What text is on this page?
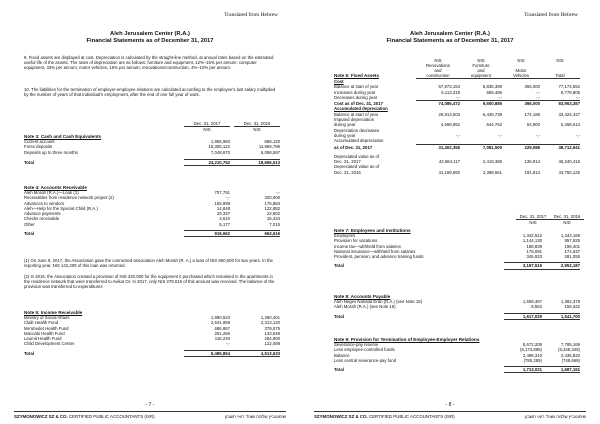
Translated from Hebrew
Aleh Jerusalem Center (R.A.)
Financial Statements as of December 31, 2017
9. Fixed assets are displayed at cost. Depreciation is calculated by the straight-line method, at annual rates based on the estimated useful life of the assets. The rates of depreciation are as follows: furniture and equipment, 12%–15% per annum; computer equipment, 33% per annum; motor vehicles, 15% per annum; renovations/construction, 4%–10% per annum.
10. The liabilities for the termination of employer-employee relations are calculated according to the employee's last salary multiplied by the number of years of that individual's employment, after the end of one full year of work.
Dec. 31, 2017
NIS
Dec. 31, 2016
NIS
Note 3: Cash and Cash Equivalents
Current account	1,856,960	688,120
Forex deposits	15,305,122	11,869,796
Deposits up to three months	7,048,670	6,098,597
Total	24,210,752	18,656,513
Note 4: Accounts Receivable
Aleh Morah (R.A.)—Loan (1)	707,791	-,-
Receivables from residence network project (2)	-,-	320,000
Advances to vendors	155,899	175,883
Aleh—Help for the Special Child (R.A.)	14,848	122,882
Advance payments	29,337	22,902
Checks receivable	3,610	15,434
Other	5,177	7,015
Total	916,662	663,616
(1) On June 9, 2017, the Association gave the connected association Aleh Morah (R. A.) a loan of NIS 850,000 for two years. In the reporting year, NIS 142,209 of this loan was returned.
(2) In 2015, the Association created a provision of NIS 320,000 for the equipment it purchased which remained in the apartments in the residence network that were transferred to Avikut Or. In 2017, only NIS 279,016 of this amount was received. The balance of the provision was transferred to expenditures
Note 5: Income Receivable
Ministry of Social Affairs	1,890,523	1,290,401
Clalit Health Fund	2,541,958	2,313,120
Me'uhedet Health Fund	686,867	379,575
Maccabi Health Fund	251,266	133,549
Leumit Health Fund	116,240	284,900
Child Development Center	-,-	122,088
Total	5,486,854	4,513,633
- 7 -
SZYMONOWICZ SZ & CO. CERTIFIED PUBLIC ACCOUNTANTS (ISR)	שימונוביץ שלמה ושות' רואי חשבון
Translated from Hebrew
Aleh Jerusalem Center (R.A.)
Financial Statements as of December 31, 2017
Note 6: Fixed Assets
NIS
Renovations
and
construction
NIS
Furniture
and
equipment
NIS

Motor
Vehicles
NIS

Total
Cost
Balance at start of year	67,973,153	8,835,399	366,000	77,174,552
Increases during year	6,113,319	665,486	-,-	6,778,805
Decreases during year	-,-	-,-	-,-	-,-
Cost as of Dec. 31, 2017	74,086,472	9,500,885	366,000	83,953,357
Accumulated depreciation
Balance at start of year	26,813,503	6,436,738	174,186	33,424,427
Imputed depreciation
during year	4,568,852	644,762	54,900	5,268,514
Depreciation decreases
during year	-,-	-,-	-,-	-,-
Accumulated depreciation
as of Dec. 31, 2017	31,402,355	7,081,500	229,086	38,712,941
Depreciated value as of
Dec. 31, 2017	42,684,117	2,419,385	136,914	45,240,416
Depreciated value as of
Dec. 31, 2016	41,159,650	2,398,661	191,814	43,750,125
Dec. 31, 2017
NIS
Dec. 31, 2016
NIS
Note 7: Employees and Institutions
Employees	1,342,522	1,343,169
Provision for vacations	1,144,130	957,925
Income tax—withheld from salaries	188,839	196,401
National insurance—withheld from salaries	176,091	174,637
Provident, pension, and advance training funds	345,933	281,055
Total	3,197,515	2,953,187
Note 8: Accounts Payable
Aleh Negev Nahalat Eran (R.A.) (see Note 15)	1,608,467	1,382,378
Aleh Morah (R.A.) (see Note 15)	8,562	159,322
Total	1,617,029	1,541,700
Note 9: Provision for Termination of Employee-Employer Relations
Severance-pay reserve	8,672,205	7,785,169
Less employee-controlled funds	(6,173,895)	(5,349,349)
Balance	2,498,310	2,435,820
Less central severance-pay fund	(785,289)	(748,669)
Total	1,713,021	1,687,151
- 8 -
SZYMONOWICZ SZ & CO. CERTIFIED PUBLIC ACCOUNTANTS (ISR)	שימונוביץ שלמה ושות' רואי חשבון
